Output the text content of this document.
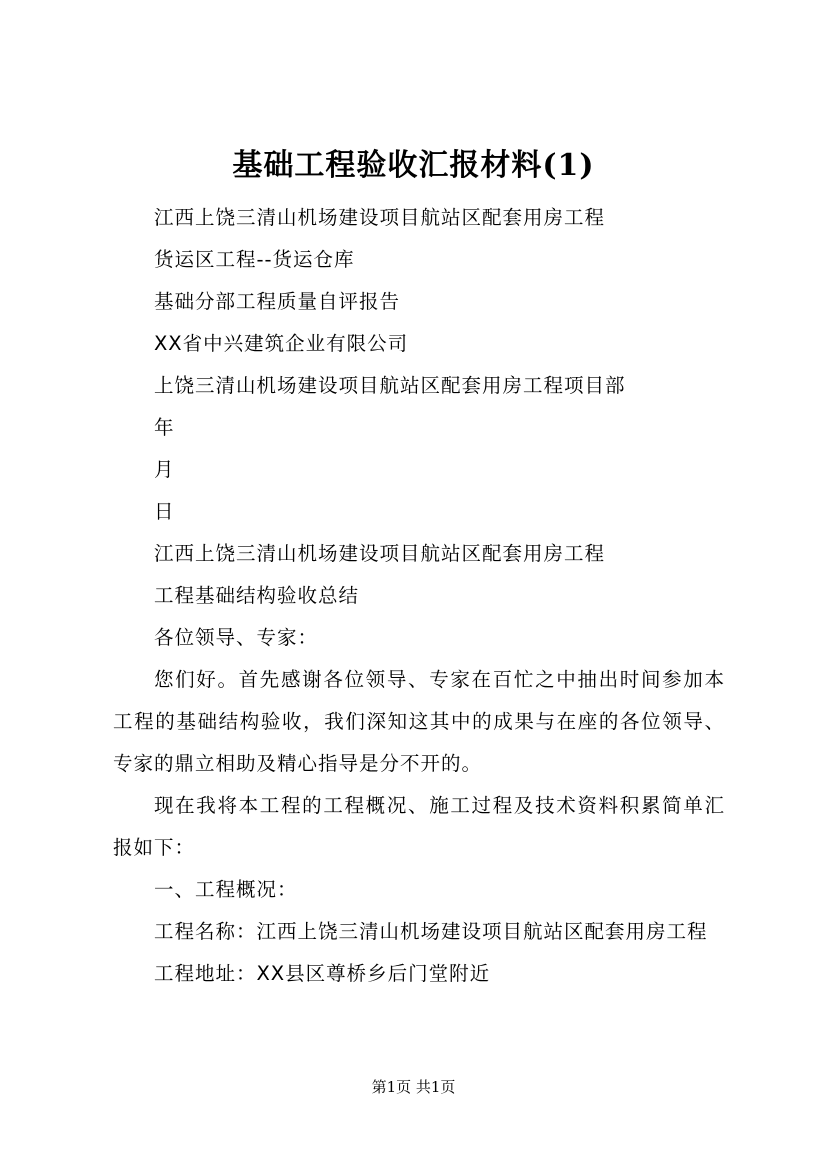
基础工程验收汇报材料(1)

江西上饶三清山机场建设项目航站区配套用房工程

货运区工程--货运仓库

基础分部工程质量自评报告

XX省中兴建筑企业有限公司

上饶三清山机场建设项目航站区配套用房工程项目部

年

月

日

江西上饶三清山机场建设项目航站区配套用房工程

工程基础结构验收总结

各位领导、专家：

您们好。首先感谢各位领导、专家在百忙之中抽出时间参加本工程的基础结构验收，我们深知这其中的成果与在座的各位领导、专家的鼎立相助及精心指导是分不开的。

现在我将本工程的工程概况、施工过程及技术资料积累简单汇报如下：

一、工程概况：

工程名称：江西上饶三清山机场建设项目航站区配套用房工程

工程地址：XX县区尊桥乡后门堂附近

第1页 共1页
